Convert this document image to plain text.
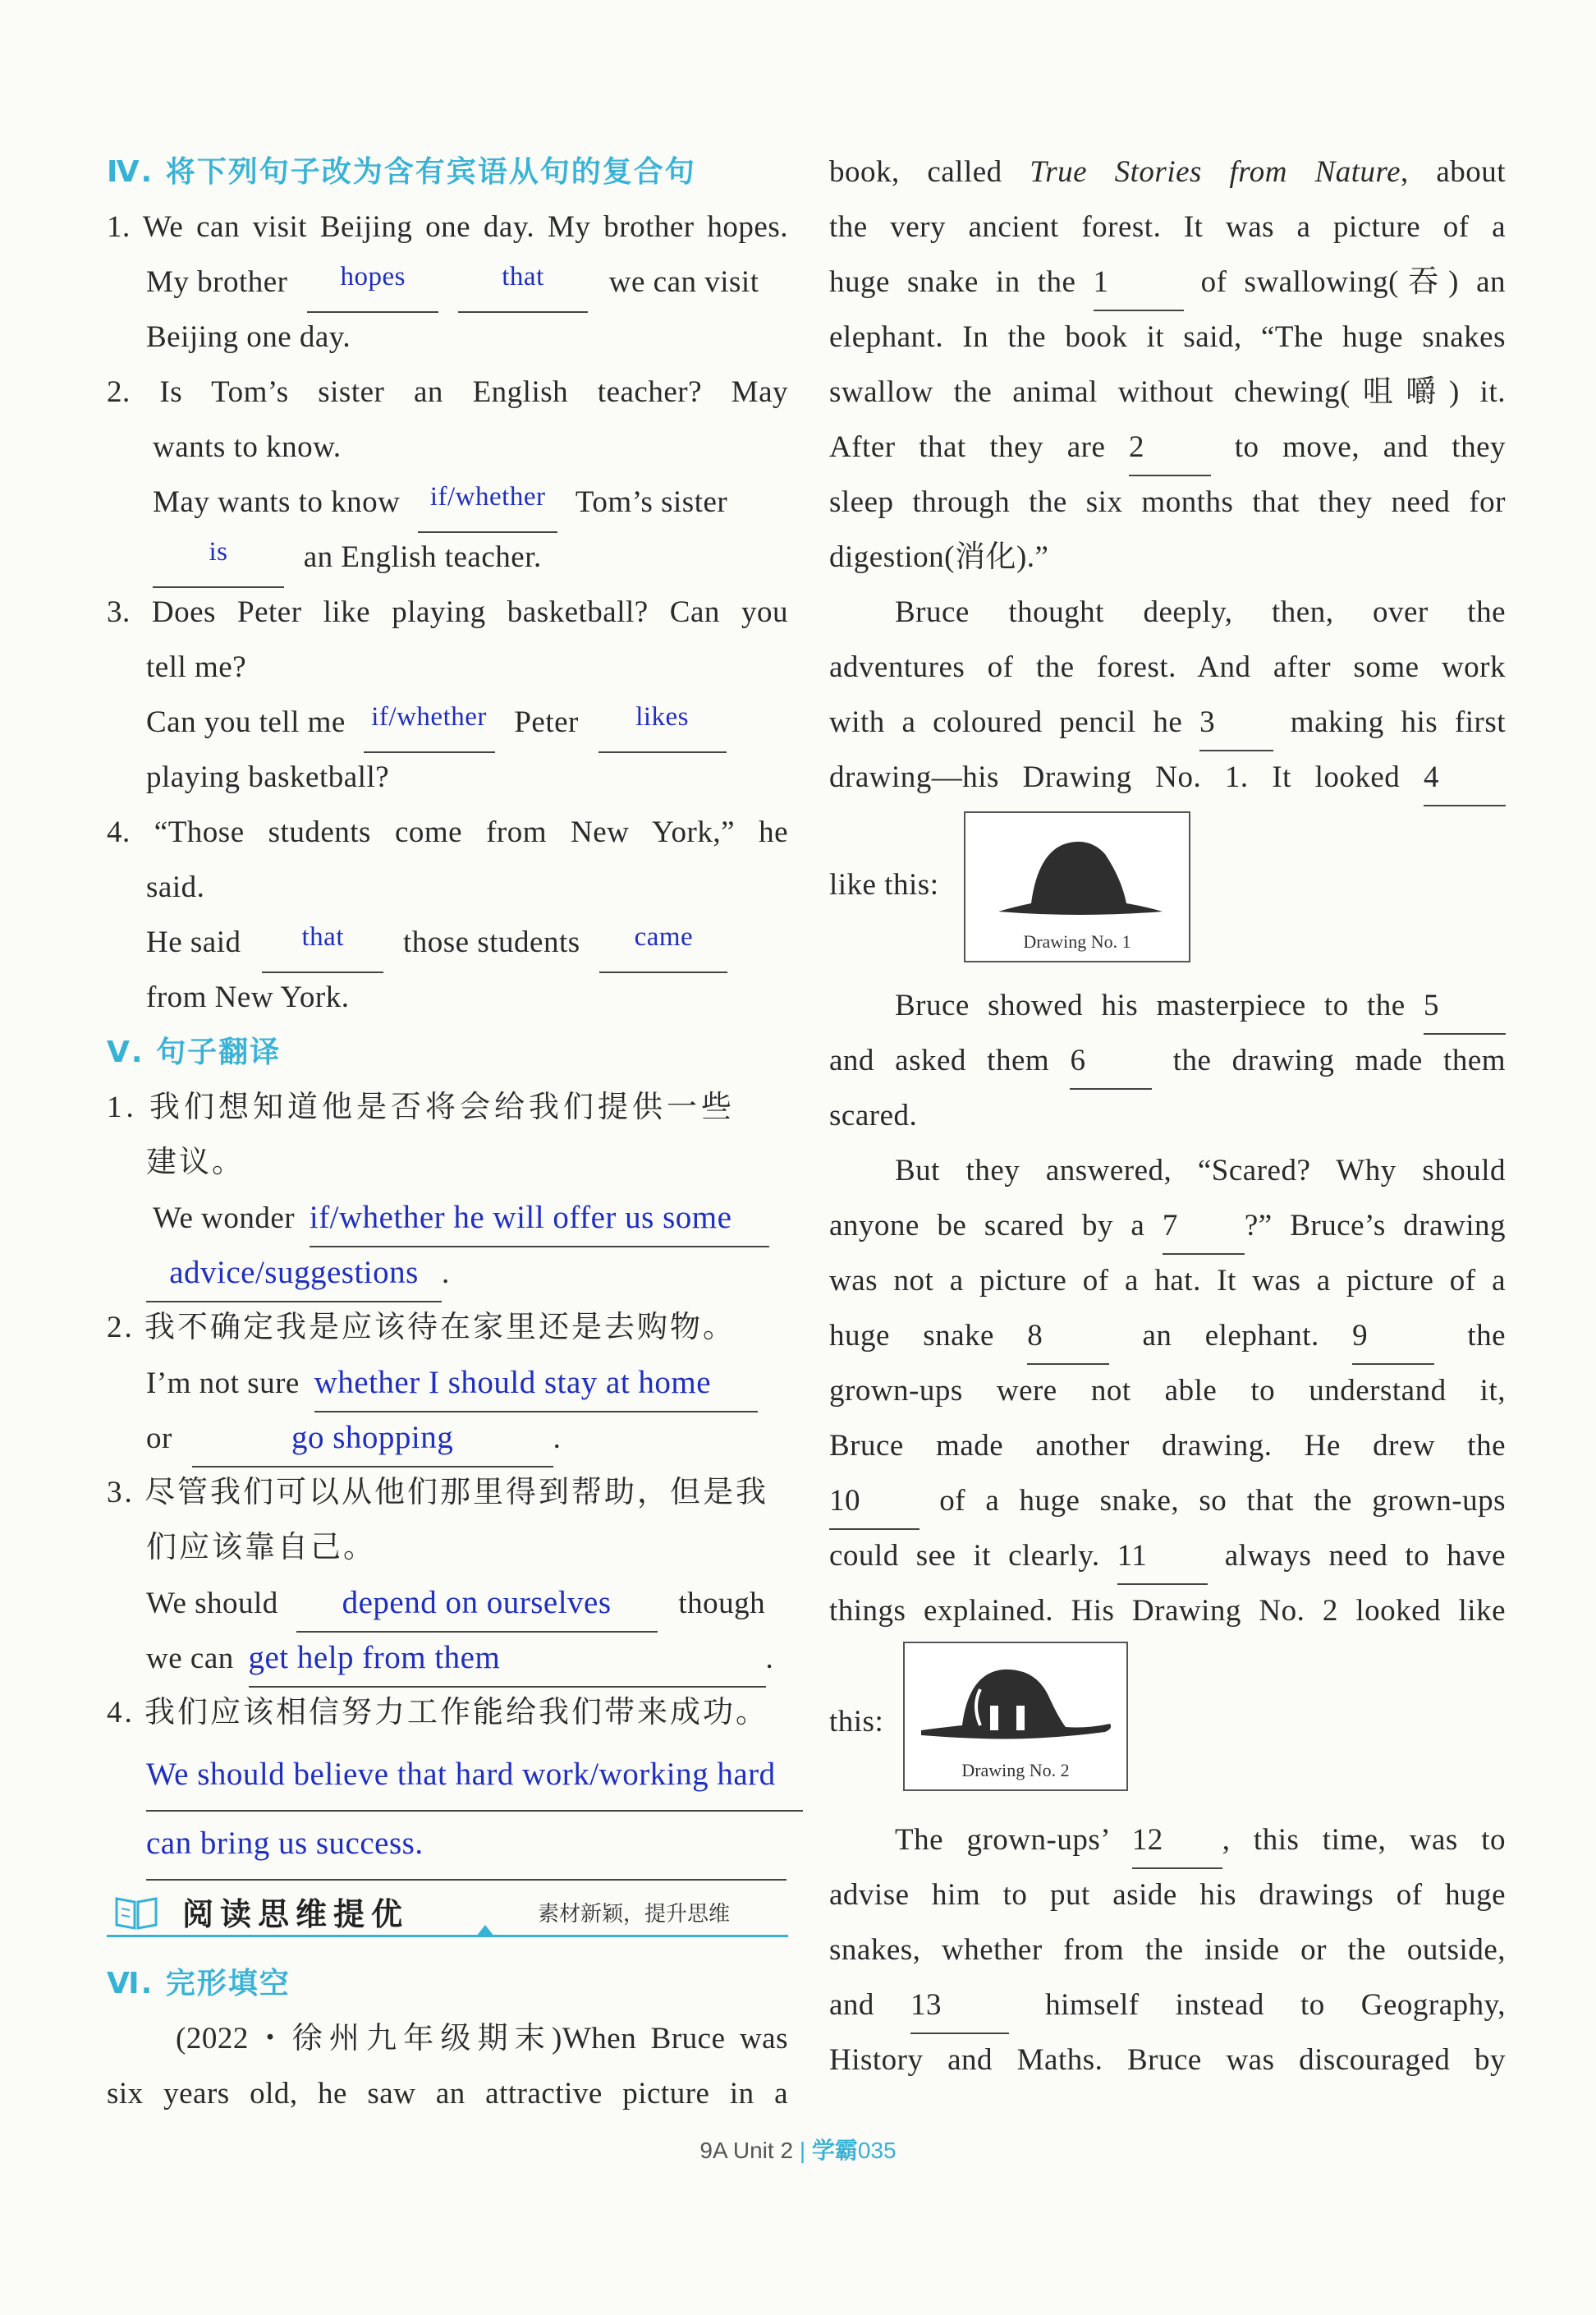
Ⅳ. 将下列句子改为含有宾语从句的复合句
1. We can visit Beijing one day. My brother hopes.
My brother hopes	that we can visit
Beijing one day.
2. Is Tom’s sister an English teacher? May
wants to know.
May wants to know if/whether Tom’s sister
is an English teacher.
3. Does Peter like playing basketball? Can you
tell me?
Can you tell me if/whether Peter likes
playing basketball?
4. “Those students come from New York,” he
said.
He said that those students came
from New York.
Ⅴ. 句子翻译
1. 我们想知道他是否将会给我们提供一些
建议。
We wonder if/whether he will offer us some
advice/suggestions .
2. 我不确定我是应该待在家里还是去购物。
I’m not sure whether I should stay at home
or	go shopping	.
3. 尽管我们可以从他们那里得到帮助，但是我
们应该靠自己。
We should depend on ourselves though
we can get help from them	.
4. 我们应该相信努力工作能给我们带来成功。
We should believe that hard work/working hard
can bring us success.
阅读思维提优	素材新颖，提升思维
Ⅵ. 完形填空
(2022・徐州九年级期末)When Bruce was
six years old, he saw an attractive picture in a
book, called True Stories from Nature, about
the very ancient forest. It was a picture of a
huge snake in the 1	of swallowing(吞) an
elephant. In the book it said, “The huge snakes
swallow the animal without chewing(咀嚼) it.
After that they are 2	to move, and they
sleep through the six months that they need for
digestion(消化).”
Bruce thought deeply, then, over the
adventures of the forest. And after some work
with a coloured pencil he 3 making his first
drawing—his Drawing No. 1. It looked 4
like this:
Drawing No. 1
Bruce showed his masterpiece to the 5
and asked them 6	the drawing made them
scared.
But they answered, “Scared? Why should
anyone be scared by a 7 ?” Bruce’s drawing
was not a picture of a hat. It was a picture of a
huge snake 8	an elephant. 9	the
grown-ups were not able to understand it,
Bruce made another drawing. He drew the
10	of a huge snake, so that the grown-ups
could see it clearly. 11	always need to have
things explained. His Drawing No. 2 looked like
this:
Drawing No. 2
The grown-ups’ 12 , this time, was to
advise him to put aside his drawings of huge
snakes, whether from the inside or the outside,
and 13	himself instead to Geography,
History and Maths. Bruce was discouraged by
9A Unit 2 | 学霸035
